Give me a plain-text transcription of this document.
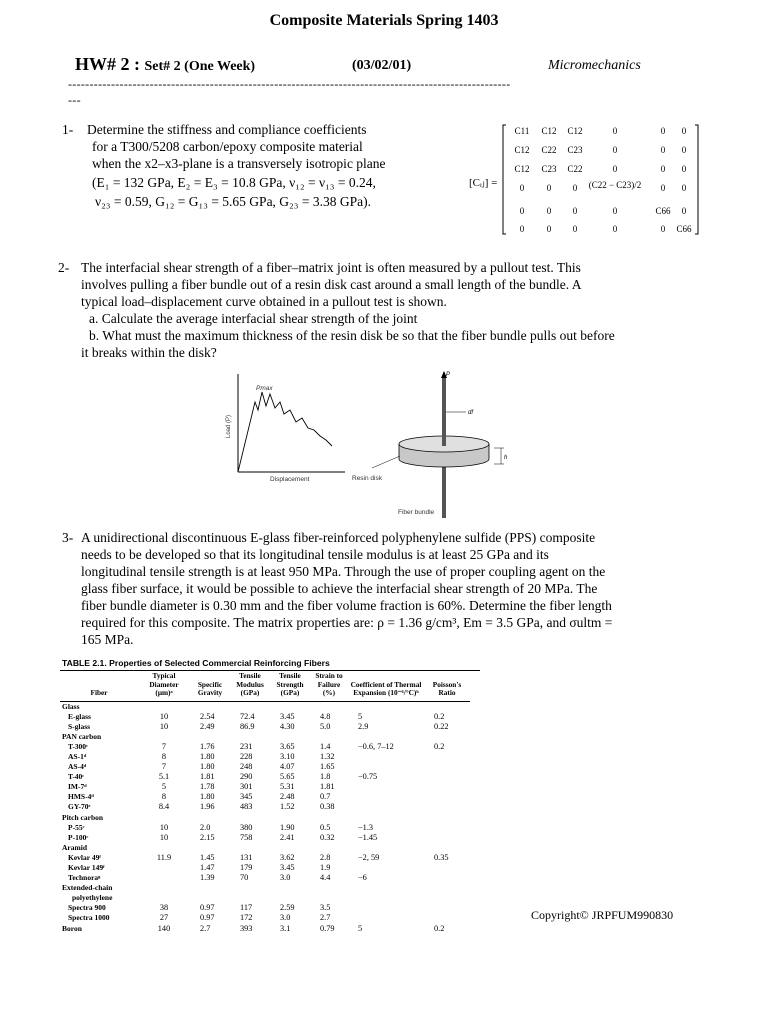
Composite Materials Spring 1403
HW# 2 : Set# 2 (One Week)	(03/02/01)	Micromechanics
-------------------------------------------------------------------------------------------------------
---
1- Determine the stiffness and compliance coefficients
for a T300/5208 carbon/epoxy composite material
when the x2–x3-plane is a transversely isotropic plane
(E₁ = 132 GPa, E₂ = E₃ = 10.8 GPa, ν₁₂ = ν₁₃ = 0.24,
ν₂₃ = 0.59, G₁₂ = G₁₃ = 5.65 GPa, G₂₃ = 3.38 GPa).
[Cᵢⱼ] =
C11 C12 C12	0	0 0
C12 C22 C23	0	0 0
C12 C23 C22	0	0 0
0	0 0 (C22 − C23)/2 0 0
0	0 0	0	C66 0
0	0 0	0	0 C66
2- The interfacial shear strength of a fiber–matrix joint is often measured by a pullout test. This
involves pulling a fiber bundle out of a resin disk cast around a small length of the bundle. A
typical load–displacement curve obtained in a pullout test is shown.
a. Calculate the average interfacial shear strength of the joint
b. What must the maximum thickness of the resin disk be so that the fiber bundle pulls out before
it breaks within the disk?
Pmax
Load (P)
Displacement
P
df
h
Resin disk
Fiber bundle
3- A unidirectional discontinuous E-glass fiber-reinforced polyphenylene sulfide (PPS) composite
needs to be developed so that its longitudinal tensile modulus is at least 25 GPa and its
longitudinal tensile strength is at least 950 MPa. Through the use of proper coupling agent on the
glass fiber surface, it would be possible to achieve the interfacial shear strength of 20 MPa. The
fiber bundle diameter is 0.30 mm and the fiber volume fraction is 60%. Determine the fiber length
required for this composite. The matrix properties are: ρ = 1.36 g/cm³, Em = 3.5 GPa, and σultm =
165 MPa.
TABLE 2.1. Properties of Selected Commercial Reinforcing Fibers
Fiber	Typical Diameter (μm)ᵃ	Specific Gravity	Tensile Modulus (GPa)	Tensile Strength (GPa)	Strain to Failure (%)	Coefficient of Thermal Expansion (10⁻⁶/°C)ᵇ	Poisson's Ratio
Glass							
E-glass	10	2.54	72.4	3.45	4.8	5	0.2
S-glass	10	2.49	86.9	4.30	5.0	2.9	0.22
PAN carbon							
T-300ᶜ	7	1.76	231	3.65	1.4	−0.6, 7–12	0.2
AS-1ᵈ	8	1.80	228	3.10	1.32		
AS-4ᵈ	7	1.80	248	4.07	1.65		
T-40ᶜ	5.1	1.81	290	5.65	1.8	−0.75	
IM-7ᵈ	5	1.78	301	5.31	1.81		
HMS-4ᵈ	8	1.80	345	2.48	0.7		
GY-70ᵉ	8.4	1.96	483	1.52	0.38		
Pitch carbon							
P-55ᶜ	10	2.0	380	1.90	0.5	−1.3	
P-100ᶜ	10	2.15	758	2.41	0.32	−1.45	
Aramid							
Kevlar 49ᶠ	11.9	1.45	131	3.62	2.8	−2, 59	0.35
Kevlar 149ᶠ		1.47	179	3.45	1.9		
Technoraᵍ		1.39	70	3.0	4.4	−6	
Extended-chain							
polyethylene							
Spectra 900	38	0.97	117	2.59	3.5		
Spectra 1000	27	0.97	172	3.0	2.7		
Boron	140	2.7	393	3.1	0.79	5	0.2
Copyright© JRPFUM990830
